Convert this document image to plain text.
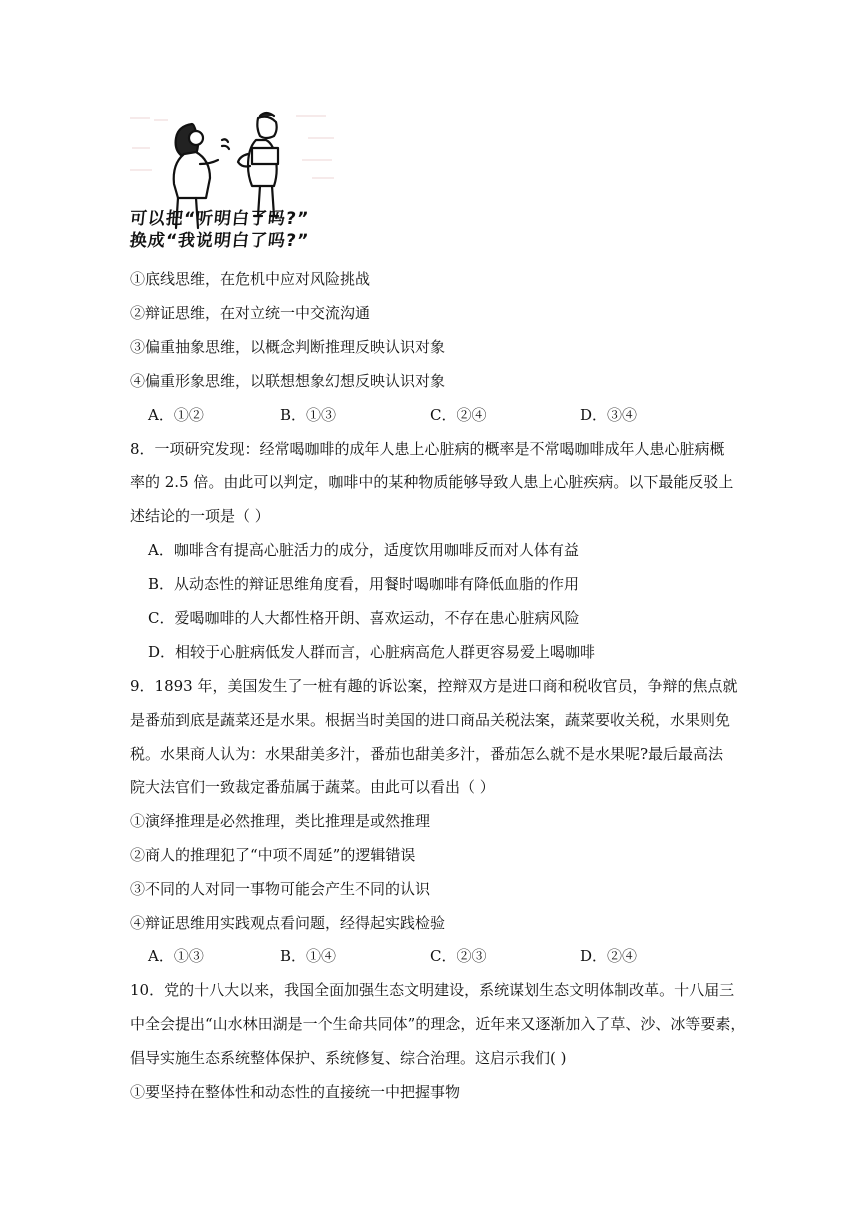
可以把“听明白了吗?”
换成“我说明白了吗?”
①底线思维，在危机中应对风险挑战
②辩证思维，在对立统一中交流沟通
③偏重抽象思维，以概念判断推理反映认识对象
④偏重形象思维，以联想想象幻想反映认识对象
A．①②	B．①③	C．②④	D．③④
8．一项研究发现：经常喝咖啡的成年人患上心脏病的概率是不常喝咖啡成年人患心脏病概
率的 2.5 倍。由此可以判定，咖啡中的某种物质能够导致人患上心脏疾病。以下最能反驳上
述结论的一项是（ ）
A．咖啡含有提高心脏活力的成分，适度饮用咖啡反而对人体有益
B．从动态性的辩证思维角度看，用餐时喝咖啡有降低血脂的作用
C．爱喝咖啡的人大都性格开朗、喜欢运动，不存在患心脏病风险
D．相较于心脏病低发人群而言，心脏病高危人群更容易爱上喝咖啡
9．1893 年，美国发生了一桩有趣的诉讼案，控辩双方是进口商和税收官员，争辩的焦点就
是番茄到底是蔬菜还是水果。根据当时美国的进口商品关税法案，蔬菜要收关税，水果则免
税。水果商人认为：水果甜美多汁，番茄也甜美多汁，番茄怎么就不是水果呢?最后最高法
院大法官们一致裁定番茄属于蔬菜。由此可以看出（ ）
①演绎推理是必然推理，类比推理是或然推理
②商人的推理犯了“中项不周延”的逻辑错误
③不同的人对同一事物可能会产生不同的认识
④辩证思维用实践观点看问题，经得起实践检验
A．①③	B．①④	C．②③	D．②④
10．党的十八大以来，我国全面加强生态文明建设，系统谋划生态文明体制改革。十八届三
中全会提出“山水林田湖是一个生命共同体”的理念，近年来又逐渐加入了草、沙、冰等要素，
倡导实施生态系统整体保护、系统修复、综合治理。这启示我们( )
①要坚持在整体性和动态性的直接统一中把握事物
